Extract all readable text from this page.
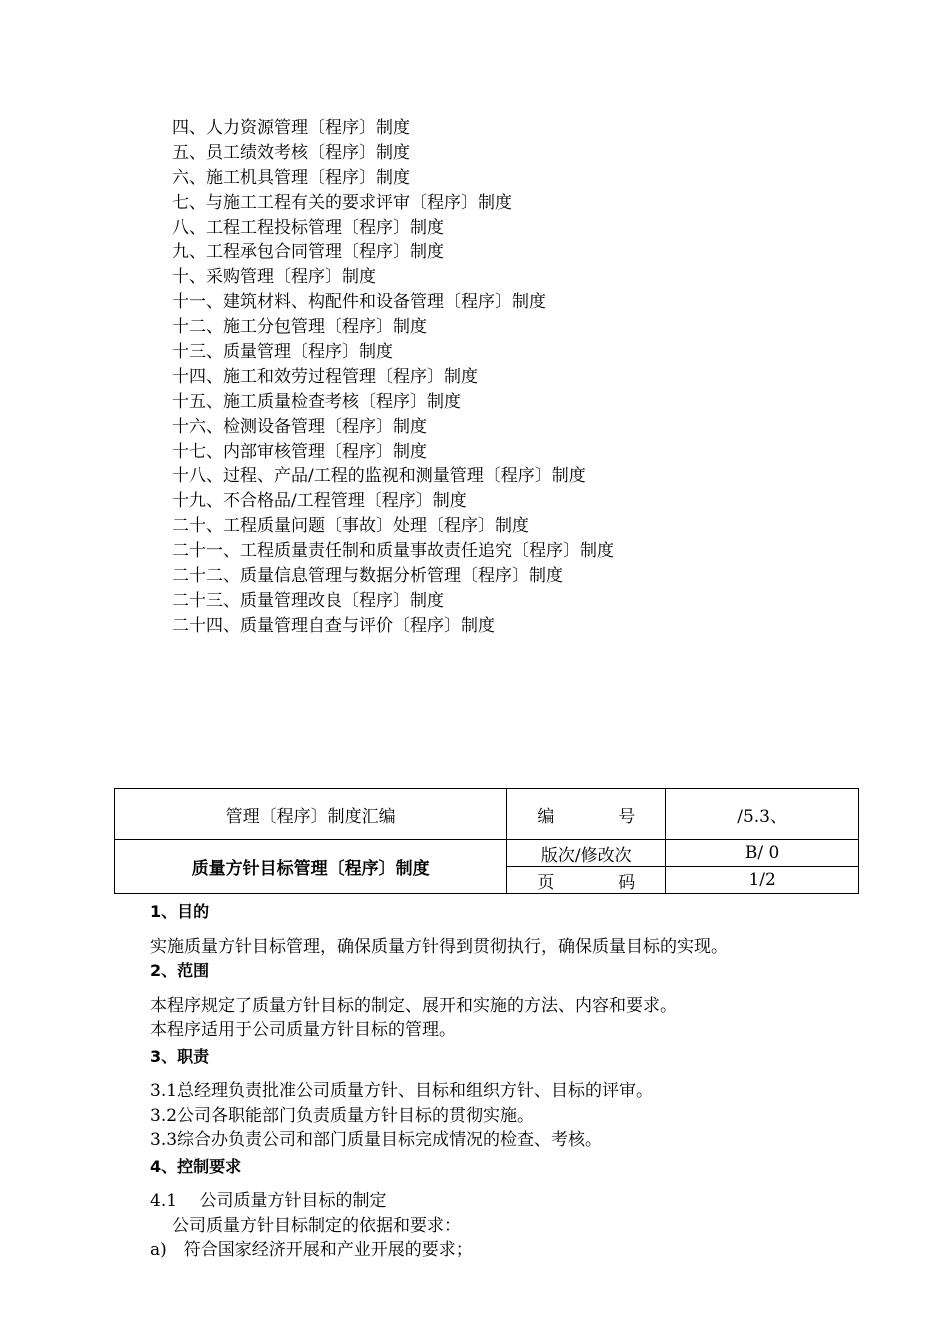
四、人力资源管理〔程序〕制度
五、员工绩效考核〔程序〕制度
六、施工机具管理〔程序〕制度
七、与施工工程有关的要求评审〔程序〕制度
八、工程工程投标管理〔程序〕制度
九、工程承包合同管理〔程序〕制度
十、采购管理〔程序〕制度
十一、建筑材料、构配件和设备管理〔程序〕制度
十二、施工分包管理〔程序〕制度
十三、质量管理〔程序〕制度
十四、施工和效劳过程管理〔程序〕制度
十五、施工质量检查考核〔程序〕制度
十六、检测设备管理〔程序〕制度
十七、内部审核管理〔程序〕制度
十八、过程、产品/工程的监视和测量管理〔程序〕制度
十九、不合格品/工程管理〔程序〕制度
二十、工程质量问题〔事故〕处理〔程序〕制度
二十一、工程质量责任制和质量事故责任追究〔程序〕制度
二十二、质量信息管理与数据分析管理〔程序〕制度
二十三、质量管理改良〔程序〕制度
二十四、质量管理自查与评价〔程序〕制度
管理〔程序〕制度汇编	编 号	/5.3、
质量方针目标管理〔程序〕制度	版次/修改次	B/ 0

	页 码	1/2
1、目的
实施质量方针目标管理，确保质量方针得到贯彻执行，确保质量目标的实现。
2、范围
本程序规定了质量方针目标的制定、展开和实施的方法、内容和要求。
本程序适用于公司质量方针目标的管理。
3、职责
3.1总经理负责批准公司质量方针、目标和组织方针、目标的评审。
3.2公司各职能部门负责质量方针目标的贯彻实施。
3.3综合办负责公司和部门质量目标完成情况的检查、考核。
4、控制要求
4.1　 公司质量方针目标的制定
公司质量方针目标制定的依据和要求：
a)　符合国家经济开展和产业开展的要求；
